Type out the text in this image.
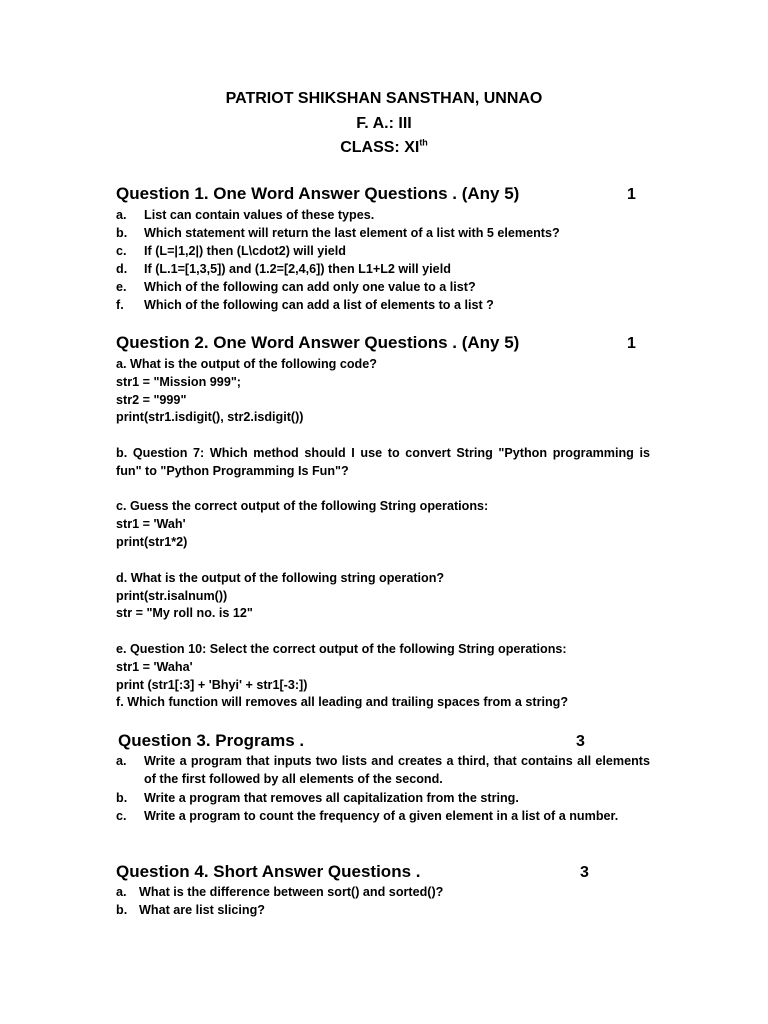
PATRIOT SHIKSHAN SANSTHAN, UNNAO
F. A.: III
CLASS: XIth
Question 1. One Word Answer Questions . (Any 5)	1
a. List can contain values of these types.
b. Which statement will return the last element of a list with 5 elements?
c. If (L=|1,2|) then (L\cdot2) will yield
d. If (L.1=[1,3,5]) and (1.2=[2,4,6]) then L1+L2 will yield
e. Which of the following can add only one value to a list?
f. Which of the following can add a list of elements to a list ?
Question 2. One Word Answer Questions . (Any 5)	1
a. What is the output of the following code?
str1 = "Mission 999";
str2 = "999"
print(str1.isdigit(), str2.isdigit())
b. Question 7: Which method should I use to convert String "Python programming is fun" to "Python Programming Is Fun"?
c. Guess the correct output of the following String operations:
str1 = 'Wah'
print(str1*2)
d. What is the output of the following string operation?
print(str.isalnum())
str = "My roll no. is 12"
e. Question 10: Select the correct output of the following String operations:
str1 = 'Waha'
print (str1[:3] + 'Bhyi' + str1[-3:])
f. Which function will removes all leading and trailing spaces from a string?
Question 3. Programs .	3
a. Write a program that inputs two lists and creates a third, that contains all elements of the first followed by all elements of the second.
b. Write a program that removes all capitalization from the string.
c. Write a program to count the frequency of a given element in a list of a number.
Question 4. Short Answer Questions .	3
a. What is the difference between sort() and sorted()?
b. What are list slicing?
